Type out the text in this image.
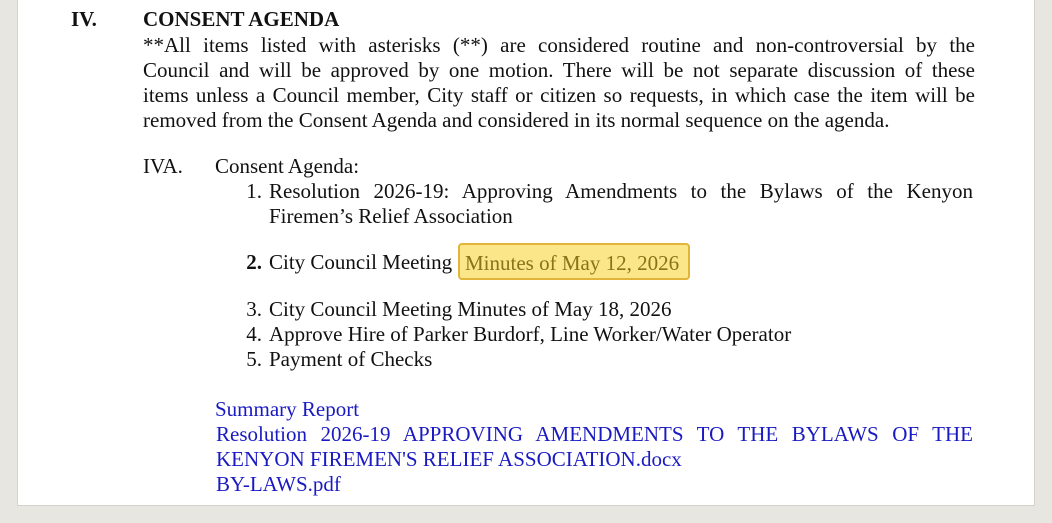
IV. CONSENT AGENDA
**All items listed with asterisks (**) are considered routine and non-controversial by the
Council and will be approved by one motion. There will be not separate discussion of these
items unless a Council member, City staff or citizen so requests, in which case the item will be
removed from the Consent Agenda and considered in its normal sequence on the agenda.
IVA. Consent Agenda:
1. Resolution 2026-19: Approving Amendments to the Bylaws of the Kenyon
Firemen’s Relief Association
2. City Council Meeting Minutes of May 12, 2026
3. City Council Meeting Minutes of May 18, 2026
4. Approve Hire of Parker Burdorf, Line Worker/Water Operator
5. Payment of Checks
Summary Report
Resolution 2026-19 APPROVING AMENDMENTS TO THE BYLAWS OF THE
KENYON FIREMEN'S RELIEF ASSOCIATION.docx
BY-LAWS.pdf
